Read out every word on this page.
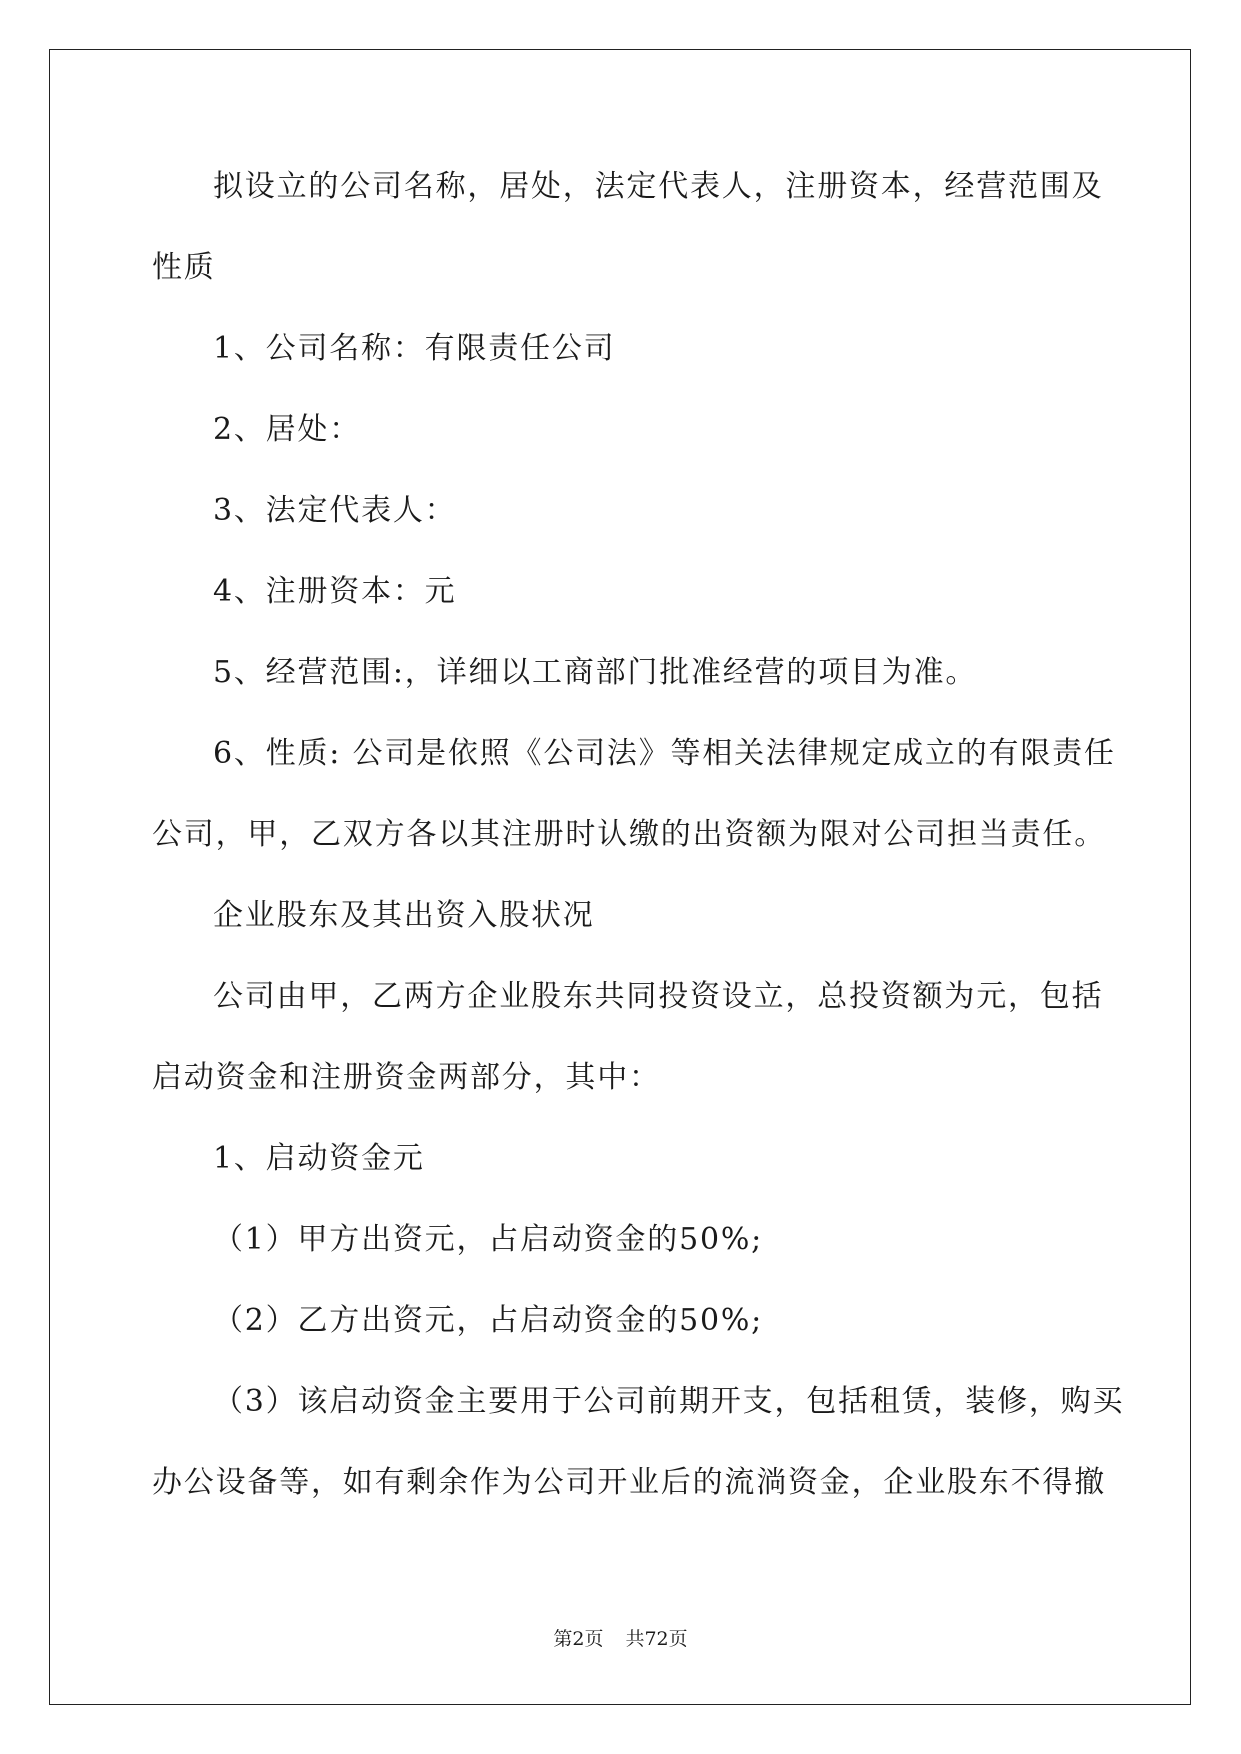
拟设立的公司名称，居处，法定代表人，注册资本，经营范围及
性质
1、公司名称：有限责任公司
2、居处：
3、法定代表人：
4、注册资本：元
5、经营范围:，详细以工商部门批准经营的项目为准。
6、性质: 公司是依照《公司法》等相关法律规定成立的有限责任
公司，甲，乙双方各以其注册时认缴的出资额为限对公司担当责任。
企业股东及其出资入股状况
公司由甲，乙两方企业股东共同投资设立，总投资额为元，包括
启动资金和注册资金两部分，其中：
1、启动资金元
（1）甲方出资元，占启动资金的50%;
（2）乙方出资元，占启动资金的50%;
（3）该启动资金主要用于公司前期开支，包括租赁，装修，购买
办公设备等，如有剩余作为公司开业后的流淌资金，企业股东不得撤
第2页 共72页
